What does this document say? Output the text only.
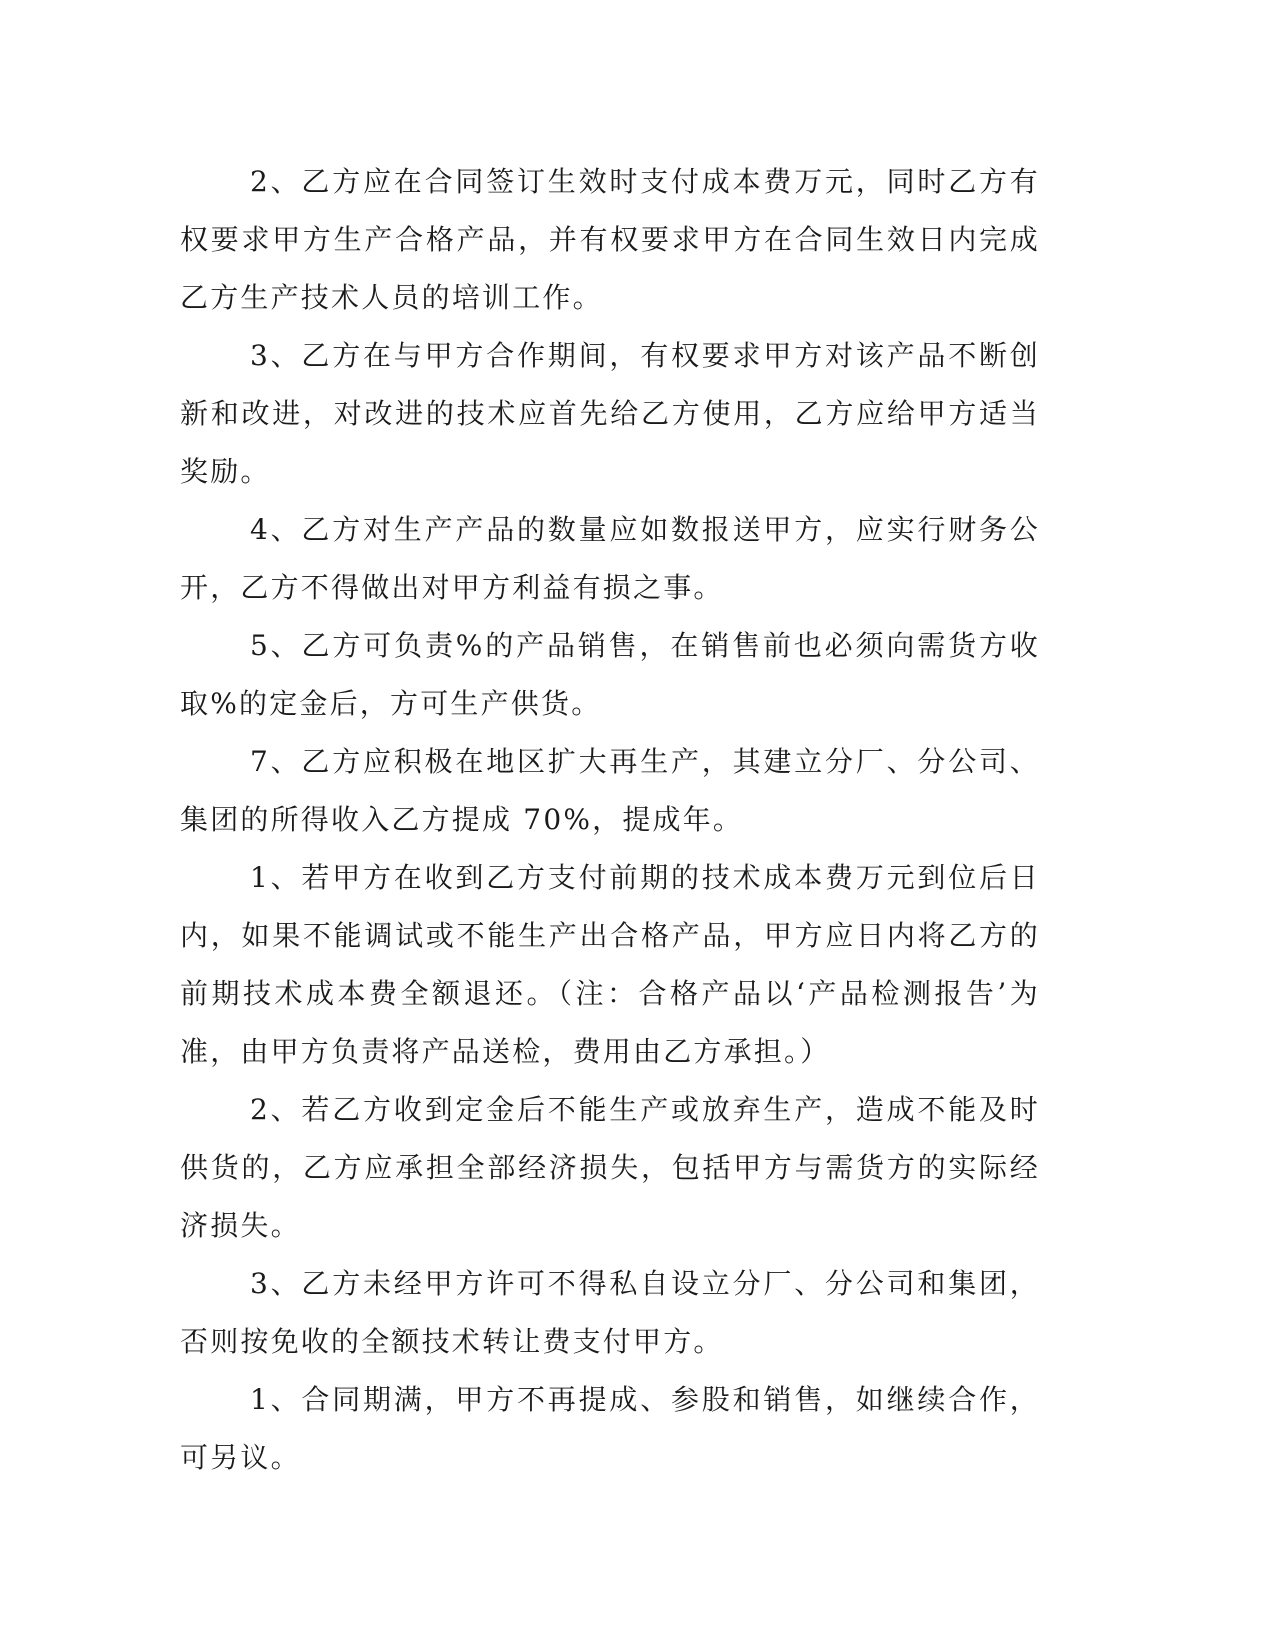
2、乙方应在合同签订生效时支付成本费万元，同时乙方有权要求甲方生产合格产品，并有权要求甲方在合同生效日内完成乙方生产技术人员的培训工作。

3、乙方在与甲方合作期间，有权要求甲方对该产品不断创新和改进，对改进的技术应首先给乙方使用，乙方应给甲方适当奖励。

4、乙方对生产产品的数量应如数报送甲方，应实行财务公开，乙方不得做出对甲方利益有损之事。

5、乙方可负责%的产品销售，在销售前也必须向需货方收取%的定金后，方可生产供货。

7、乙方应积极在地区扩大再生产，其建立分厂、分公司、集团的所得收入乙方提成 70%，提成年。

1、若甲方在收到乙方支付前期的技术成本费万元到位后日内，如果不能调试或不能生产出合格产品，甲方应日内将乙方的前期技术成本费全额退还。（注：合格产品以‘产品检测报告’为准，由甲方负责将产品送检，费用由乙方承担。）

2、若乙方收到定金后不能生产或放弃生产，造成不能及时供货的，乙方应承担全部经济损失，包括甲方与需货方的实际经济损失。

3、乙方未经甲方许可不得私自设立分厂、分公司和集团，否则按免收的全额技术转让费支付甲方。

1、合同期满，甲方不再提成、参股和销售，如继续合作，可另议。
